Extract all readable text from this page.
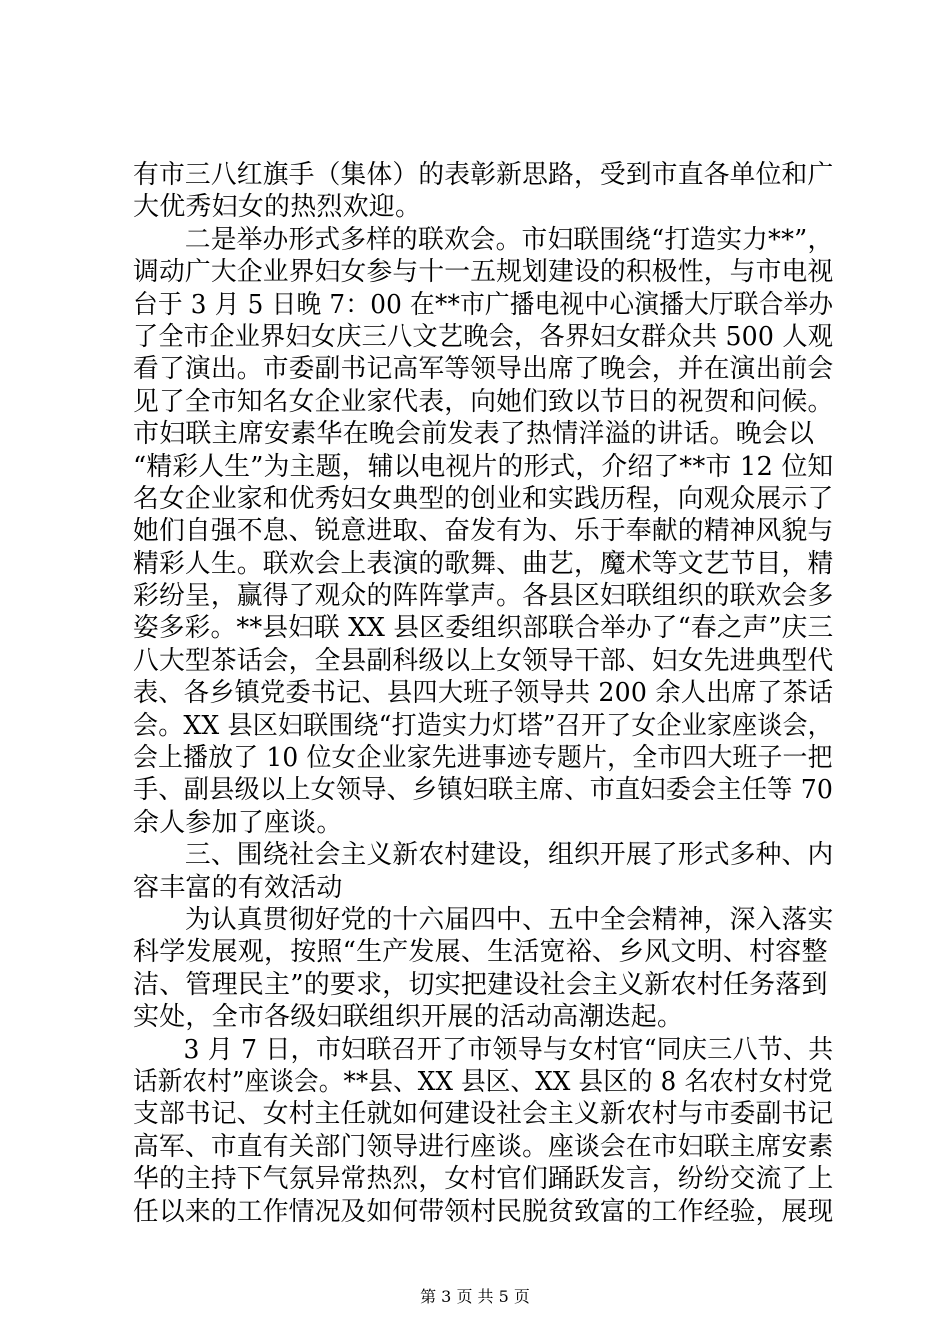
有市三八红旗手（集体）的表彰新思路，受到市直各单位和广
大优秀妇女的热烈欢迎。
　　二是举办形式多样的联欢会。市妇联围绕“打造实力**”，
调动广大企业界妇女参与十一五规划建设的积极性，与市电视
台于 3 月 5 日晚 7：00 在**市广播电视中心演播大厅联合举办
了全市企业界妇女庆三八文艺晚会，各界妇女群众共 500 人观
看了演出。市委副书记高军等领导出席了晚会，并在演出前会
见了全市知名女企业家代表，向她们致以节日的祝贺和问候。
市妇联主席安素华在晚会前发表了热情洋溢的讲话。晚会以
“精彩人生”为主题，辅以电视片的形式，介绍了**市 12 位知
名女企业家和优秀妇女典型的创业和实践历程，向观众展示了
她们自强不息、锐意进取、奋发有为、乐于奉献的精神风貌与
精彩人生。联欢会上表演的歌舞、曲艺，魔术等文艺节目，精
彩纷呈，赢得了观众的阵阵掌声。各县区妇联组织的联欢会多
姿多彩。**县妇联 XX 县区委组织部联合举办了“春之声”庆三
八大型茶话会，全县副科级以上女领导干部、妇女先进典型代
表、各乡镇党委书记、县四大班子领导共 200 余人出席了茶话
会。XX 县区妇联围绕“打造实力灯塔”召开了女企业家座谈会，
会上播放了 10 位女企业家先进事迹专题片，全市四大班子一把
手、副县级以上女领导、乡镇妇联主席、市直妇委会主任等 70
余人参加了座谈。
　　三、围绕社会主义新农村建设，组织开展了形式多种、内
容丰富的有效活动
　　为认真贯彻好党的十六届四中、五中全会精神，深入落实
科学发展观，按照“生产发展、生活宽裕、乡风文明、村容整
洁、管理民主”的要求，切实把建设社会主义新农村任务落到
实处，全市各级妇联组织开展的活动高潮迭起。
　　3 月 7 日，市妇联召开了市领导与女村官“同庆三八节、共
话新农村”座谈会。**县、XX 县区、XX 县区的 8 名农村女村党
支部书记、女村主任就如何建设社会主义新农村与市委副书记
高军、市直有关部门领导进行座谈。座谈会在市妇联主席安素
华的主持下气氛异常热烈，女村官们踊跃发言，纷纷交流了上
任以来的工作情况及如何带领村民脱贫致富的工作经验，展现
第 3 页 共 5 页
